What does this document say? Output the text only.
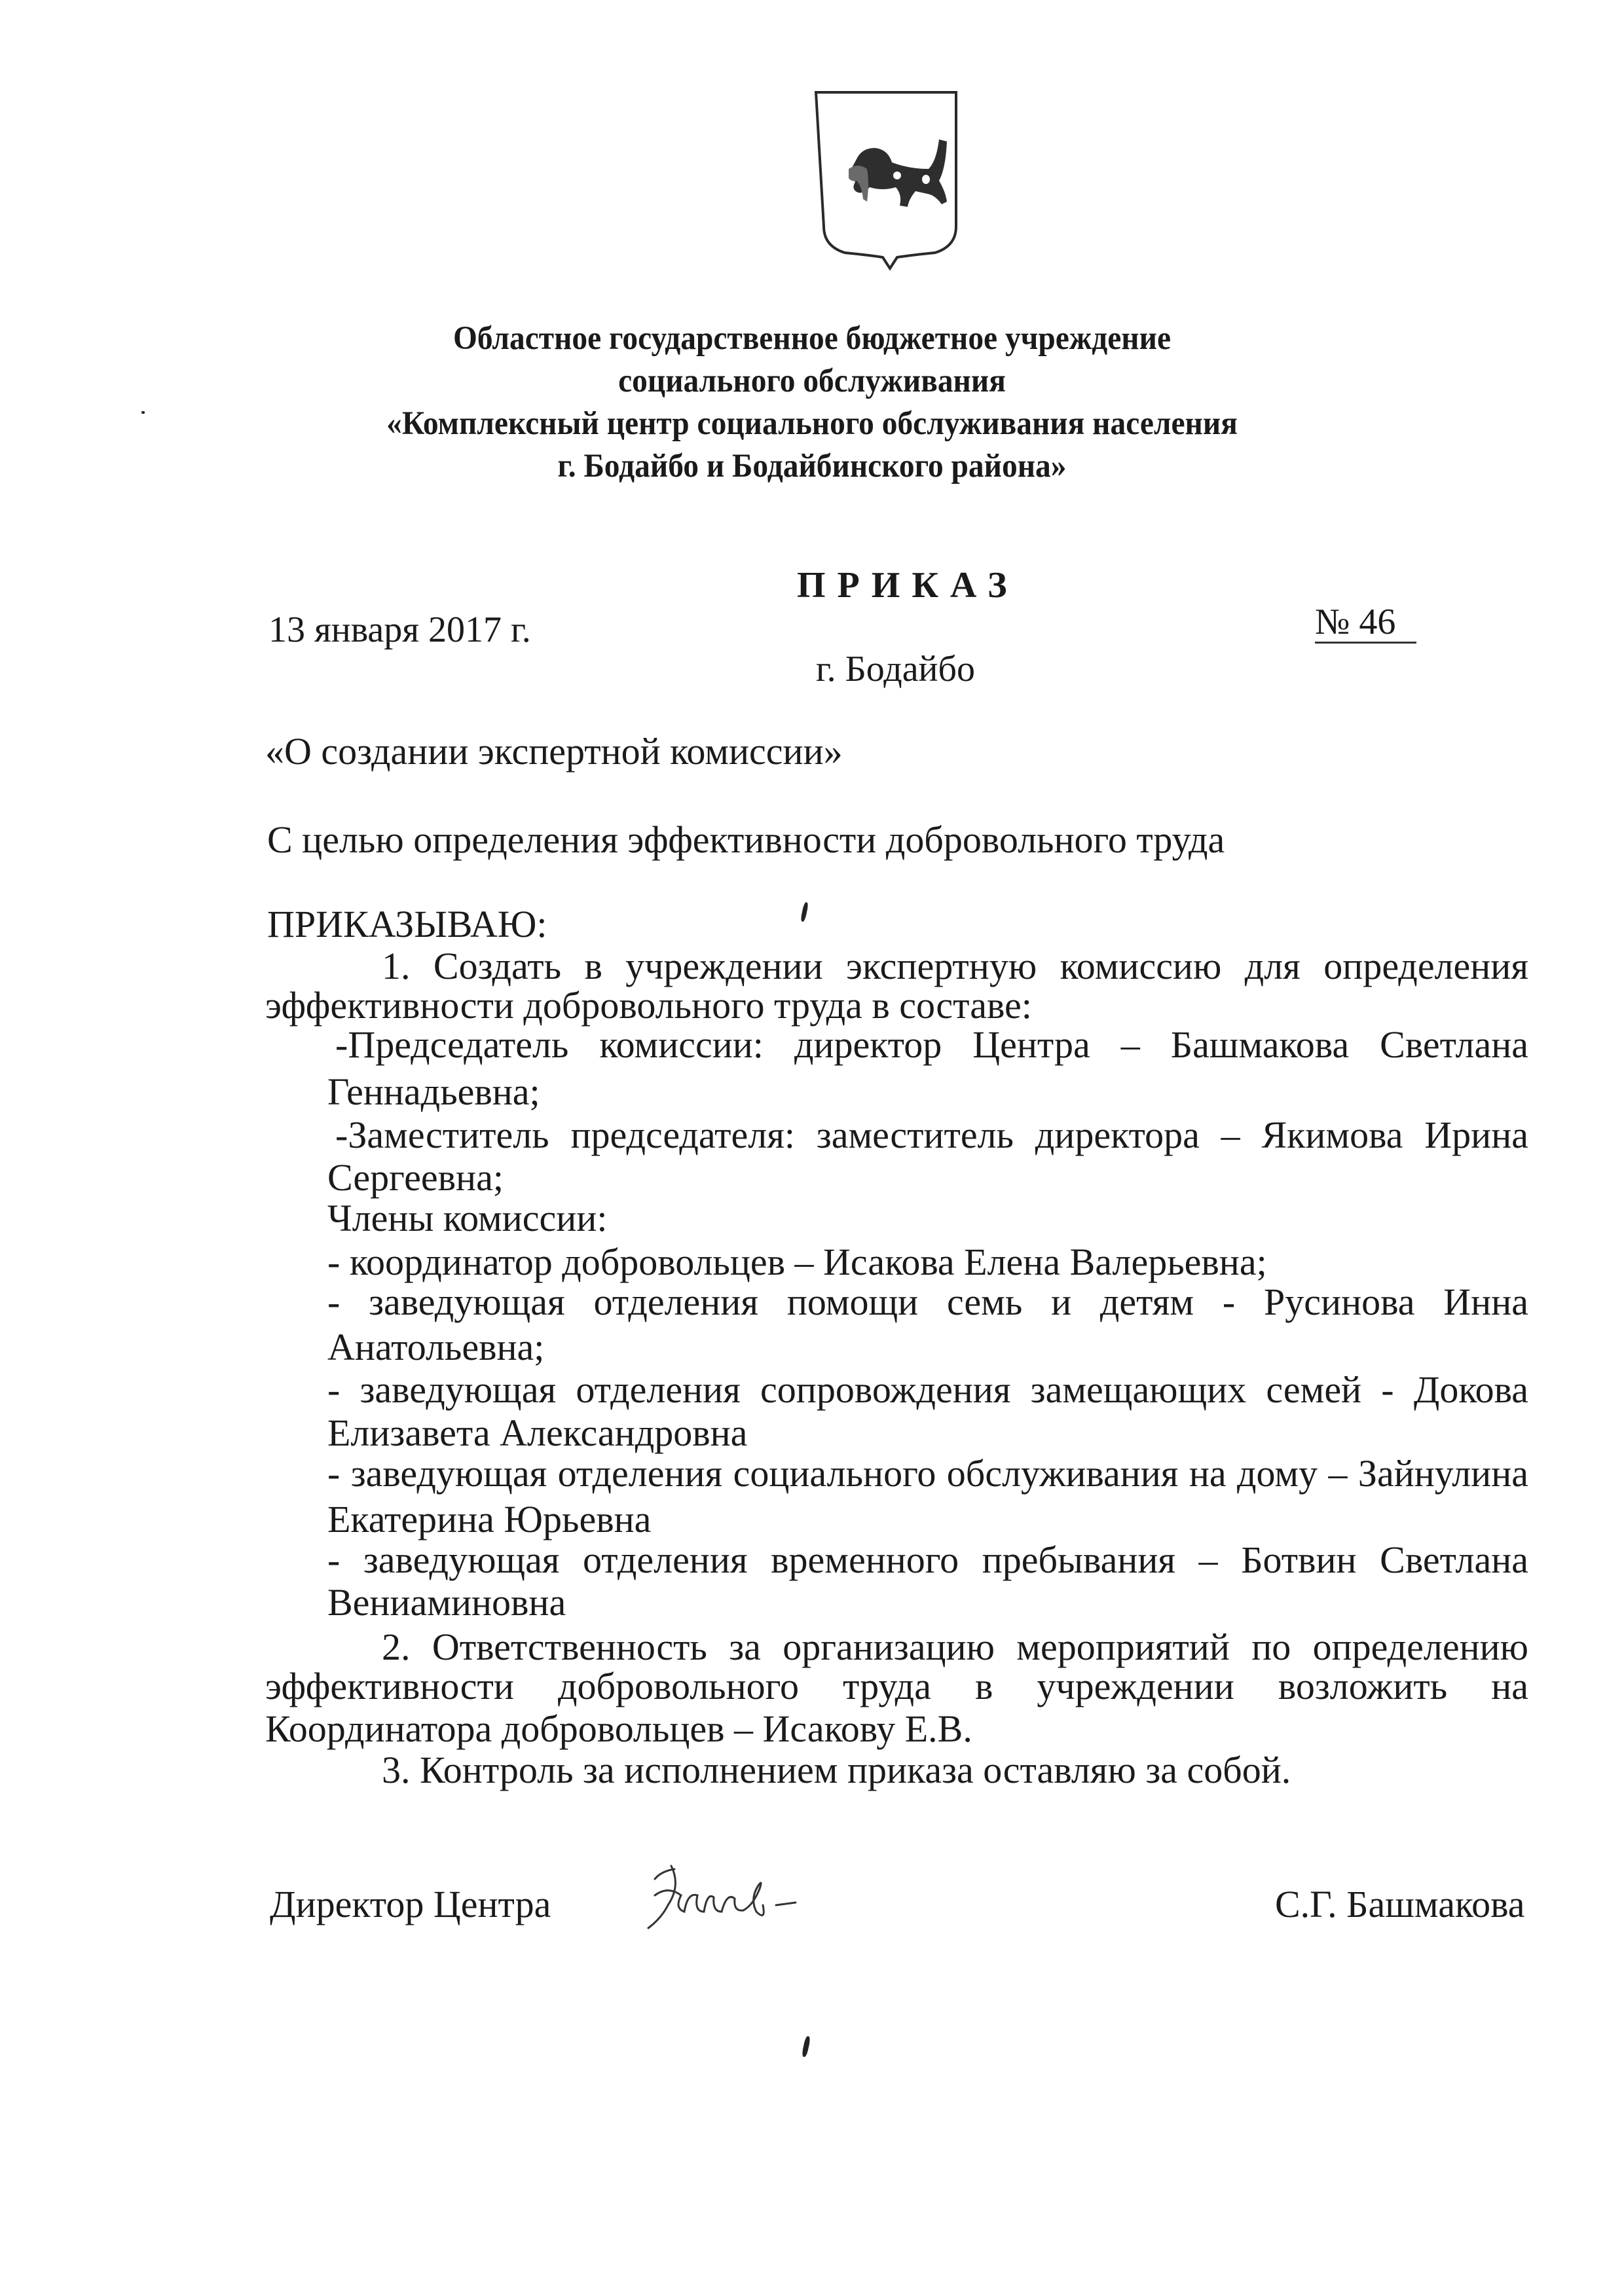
Областное государственное бюджетное учреждение
социального обслуживания
«Комплексный центр социального обслуживания населения
г. Бодайбо и Бодайбинского района»
ПРИКАЗ
13 января 2017 г.	№ 46
г. Бодайбо
«О создании экспертной комиссии»
С целью определения эффективности добровольного труда
ПРИКАЗЫВАЮ:
1. Создать в учреждении экспертную комиссию для определения
эффективности добровольного труда в составе:
-Председатель комиссии: директор Центра – Башмакова Светлана
Геннадьевна;
-Заместитель председателя: заместитель директора – Якимова Ирина
Сергеевна;
Члены комиссии:
- координатор добровольцев – Исакова Елена Валерьевна;
- заведующая отделения помощи семь и детям - Русинова Инна
Анатольевна;
- заведующая отделения сопровождения замещающих семей - Докова
Елизавета Александровна
- заведующая отделения социального обслуживания на дому – Зайнулина
Екатерина Юрьевна
- заведующая отделения временного пребывания – Ботвин Светлана
Вениаминовна
2. Ответственность за организацию мероприятий по определению
эффективности добровольного труда в учреждении возложить на
Координатора добровольцев – Исакову Е.В.
3. Контроль за исполнением приказа оставляю за собой.
Директор Центра	С.Г. Башмакова
